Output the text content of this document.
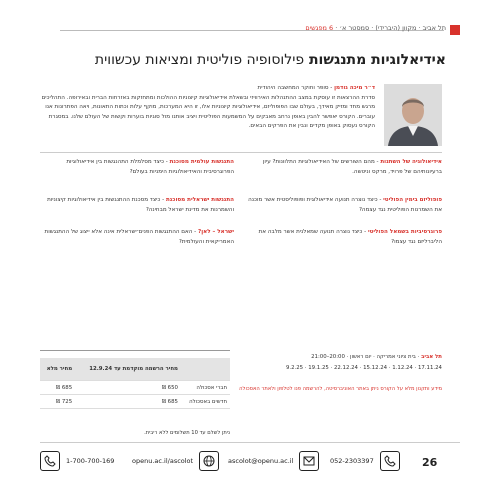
תל אביב · מקוון (היברידי) · סמסטר א׳ · 6 מפגשים
אידיאלוגיות מתנגשות פילוסופיה פוליטית ומציאות עכשווית
ד״ר מיכה גודמן - סופר וחוקר המחשבה היהודית
סדרת ההרצאות זו עוסקת במצב ההתנהלות האירוויזי ובשאלת אידיאולוגיות קיצוניות ההולכות ומתחזקות באזרחות הברית ובאירופה. התהליכים מרגש מחד ומזיק מאידך, בעולם שבו הפופוליזם, אידיאולוגיות קיצוניות אלו, זו היא המערכות, מוקף עלות וכתות התאונות, ויאה הפתרונות אנו עוברים. הקורס יאפשר להבין באופן נרחב מאבקים על המשמעות הפוליטית ויציב אותנו מול סוגיות בוערות וקשות של העולם שלנו. במסגרת הקורס נעסוק באופן מקדים ונבין את הפרקים הבאים.
אידיאולוגיה של השתנות - מהם השורשים של האידיאולוגיות התלוונות? עיון ברעיונותיהם של פרויד, מרקס וניטשה.
פופוליזם בימין הפוליטי - כיצד נוצרה תנועה אידיאולוגית ופופוליסטית אשר מוכנה את השמרנות הפוליטית נגד עצמה?
פרוגרסיביות בשמאל הפוליטי - כיצד נוצרה תנועה שמאלנית אשר מלבה את הליברליזם נגד עצמו?
התנגשות עולמית מסוכנת - כיצד מסלמלת התהנגשות בין אידיאולוגיות הפרוגרסיבית והאידיאולוגיות הימניות בעולם?
התנגשות ישראלית מסוכנת - כיצד מסכנת ההתנגשות בין אידיאולוגיות קיצוניות והשמרנות את מדינת ישראל מבחינה?
ישראל – לאן? - האם ההתנגשות הפנים־ישראלית אינה אלא ייצוג של ההתנגשות האמריקאית והעולמית?
תל אביב · בית ציוני אמריקה · יום ראשון · 20:00–21:00
17.11.24 · 1.12.24 · 15.12.24 · 22.12.24 · 19.1.25 · 9.2.25
מידע ותקנון מלא על הקורס ניתן באתר האוניברסיטה, להרשמה פנו לטלפון ולאתר האסכולה
	מחיר הרשמה מוקדמת עד 12.9.24	מחיר מלא
חברי אסכולה	650 ₪	685 ₪
חדשים באסכולה	685 ₪	725 ₪
ניתן לשלם עד 10 תשלומים ללא ריבית.
26
052-2303397
ascolot@openu.ac.il
openu.ac.il/ascolot
1-700-700-169
